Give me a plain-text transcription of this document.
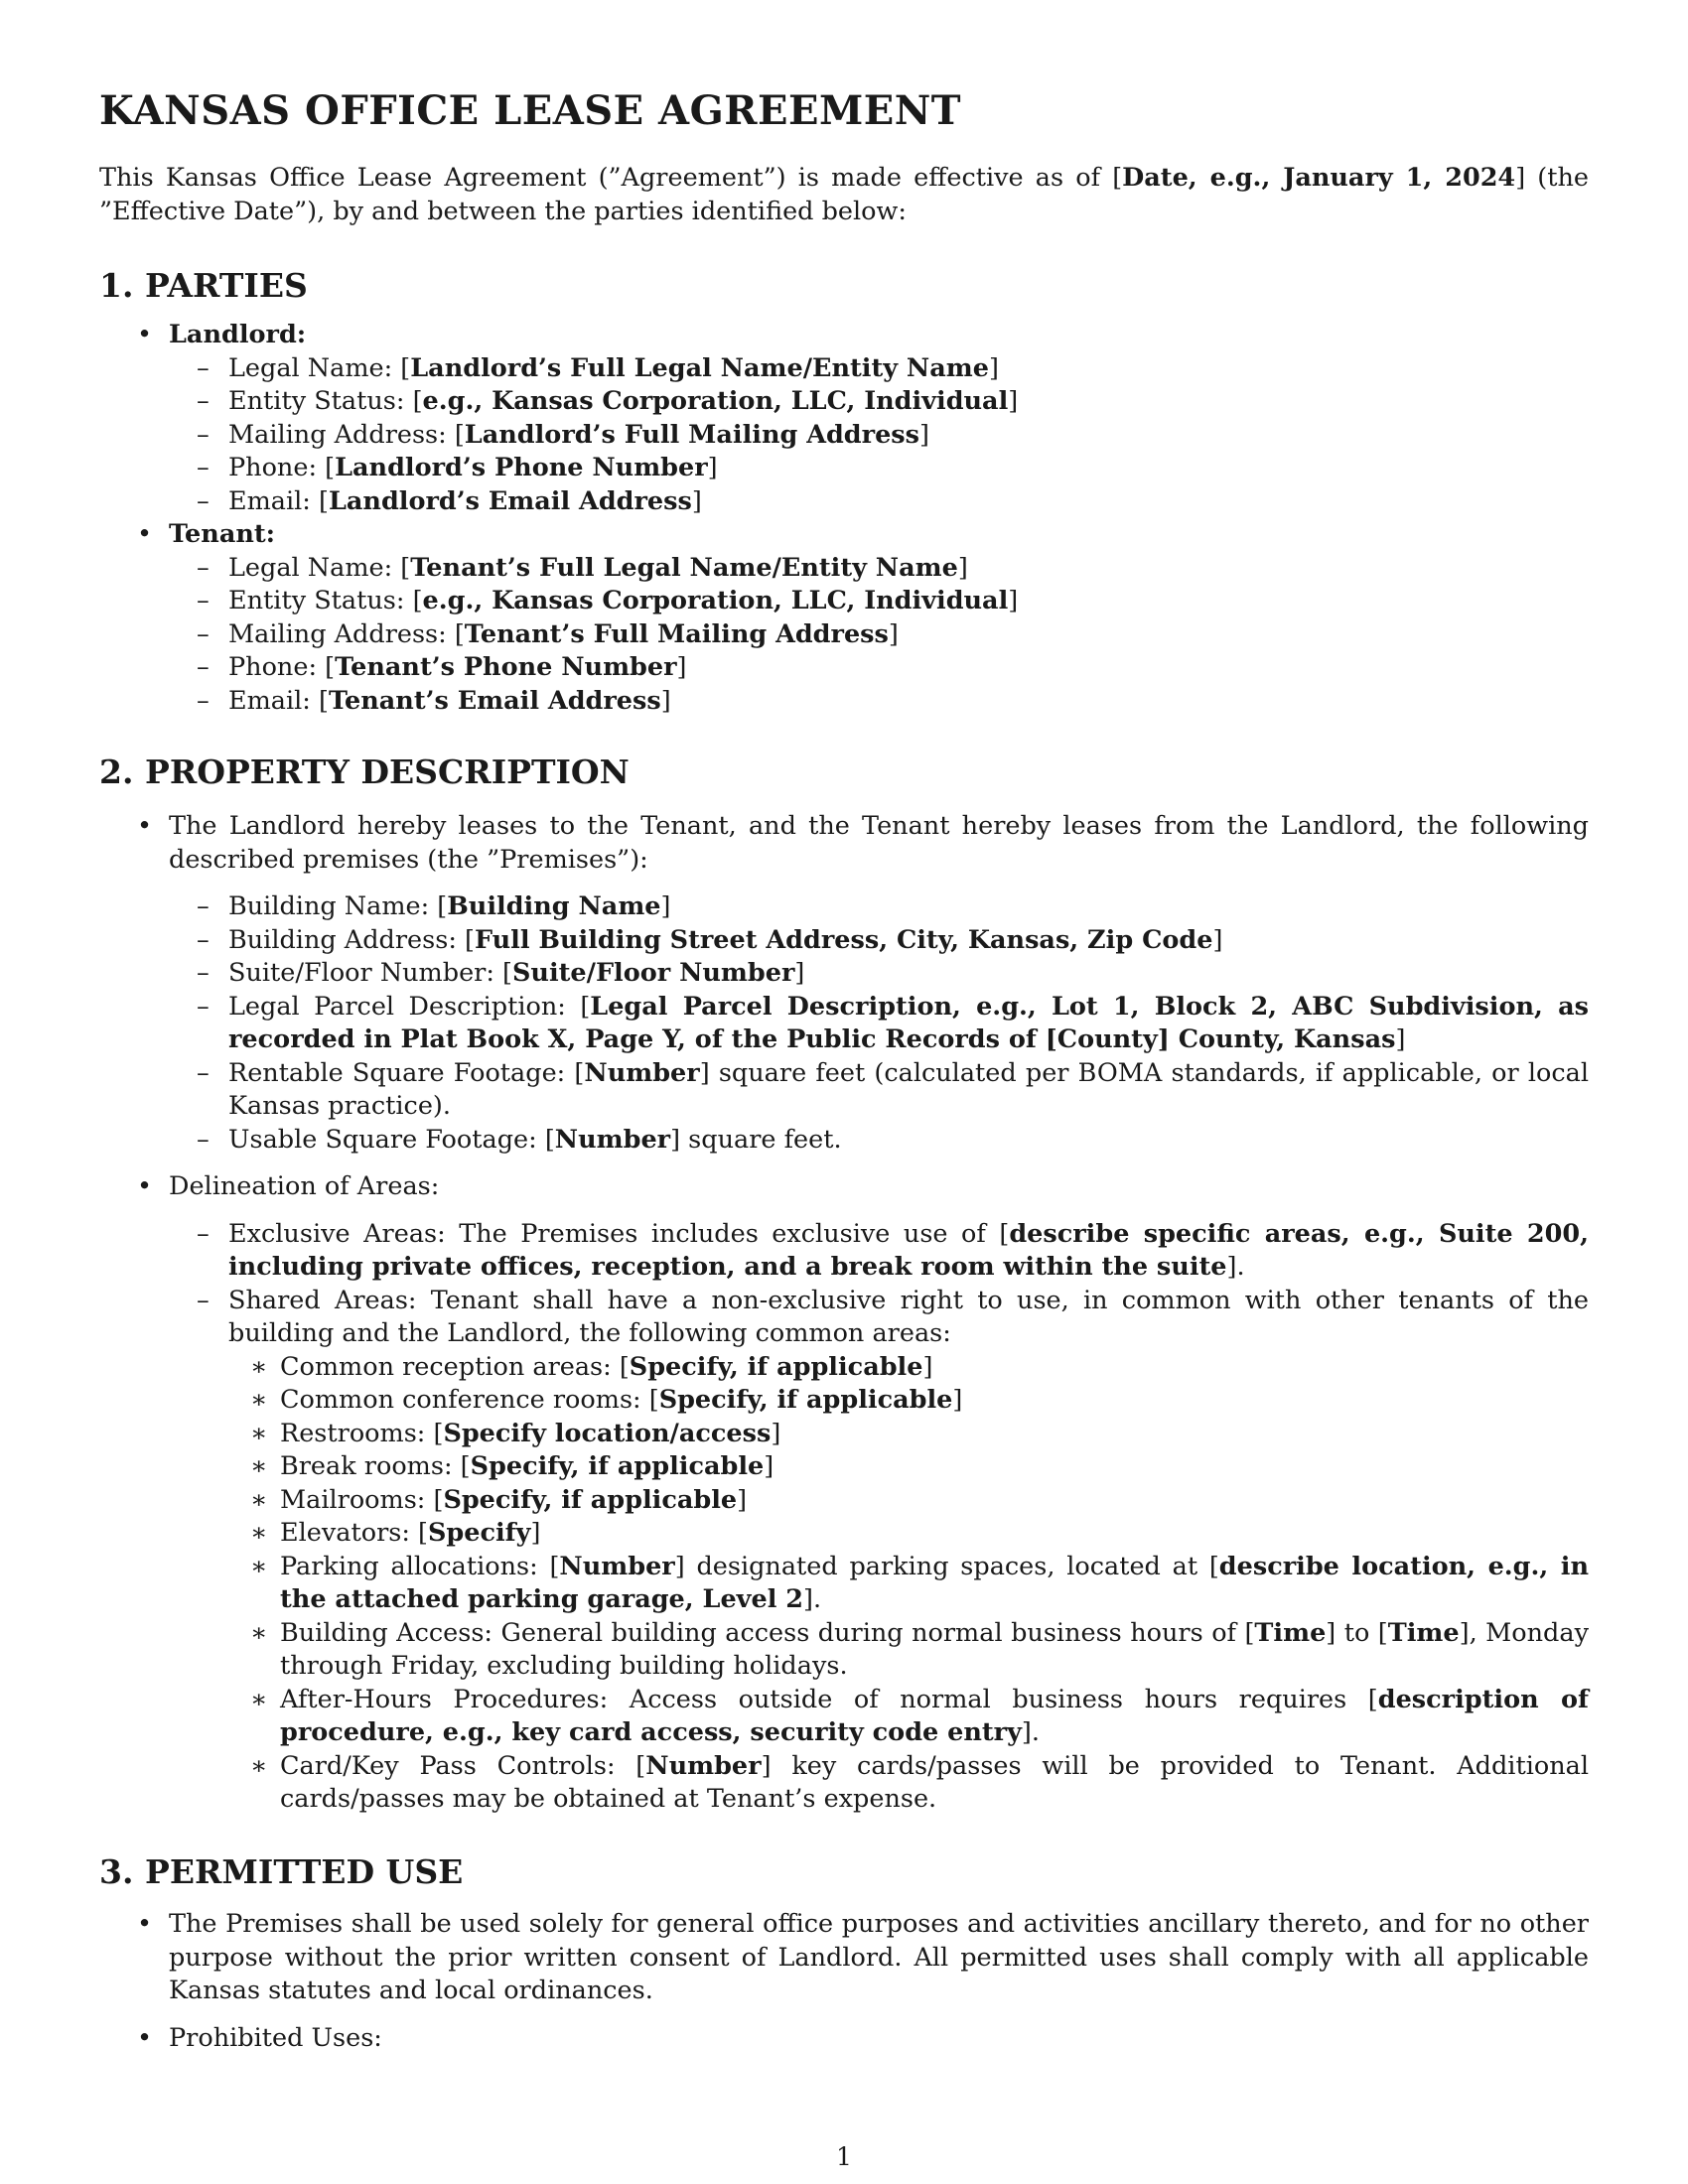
KANSAS OFFICE LEASE AGREEMENT

This Kansas Office Lease Agreement (”Agreement”) is made effective as of [Date, e.g., January 1, 2024] (the ”Effective Date”), by and between the parties identified below:

1. PARTIES
• Landlord:
– Legal Name: [Landlord’s Full Legal Name/Entity Name]
– Entity Status: [e.g., Kansas Corporation, LLC, Individual]
– Mailing Address: [Landlord’s Full Mailing Address]
– Phone: [Landlord’s Phone Number]
– Email: [Landlord’s Email Address]
• Tenant:
– Legal Name: [Tenant’s Full Legal Name/Entity Name]
– Entity Status: [e.g., Kansas Corporation, LLC, Individual]
– Mailing Address: [Tenant’s Full Mailing Address]
– Phone: [Tenant’s Phone Number]
– Email: [Tenant’s Email Address]
2. PROPERTY DESCRIPTION
• The Landlord hereby leases to the Tenant, and the Tenant hereby leases from the Landlord, the following described premises (the ”Premises”):
– Building Name: [Building Name]
– Building Address: [Full Building Street Address, City, Kansas, Zip Code]
– Suite/Floor Number: [Suite/Floor Number]
– Legal Parcel Description: [Legal Parcel Description, e.g., Lot 1, Block 2, ABC Subdivision, as recorded in Plat Book X, Page Y, of the Public Records of [County] County, Kansas]
– Rentable Square Footage: [Number] square feet (calculated per BOMA standards, if applicable, or local Kansas practice).
– Usable Square Footage: [Number] square feet.
• Delineation of Areas:
– Exclusive Areas: The Premises includes exclusive use of [describe specific areas, e.g., Suite 200, including private offices, reception, and a break room within the suite].
– Shared Areas: Tenant shall have a non-exclusive right to use, in common with other tenants of the building and the Landlord, the following common areas:
∗ Common reception areas: [Specify, if applicable]
∗ Common conference rooms: [Specify, if applicable]
∗ Restrooms: [Specify location/access]
∗ Break rooms: [Specify, if applicable]
∗ Mailrooms: [Specify, if applicable]
∗ Elevators: [Specify]
∗ Parking allocations: [Number] designated parking spaces, located at [describe location, e.g., in the attached parking garage, Level 2].
∗ Building Access: General building access during normal business hours of [Time] to [Time], Monday through Friday, excluding building holidays.
∗ After-Hours Procedures: Access outside of normal business hours requires [description of procedure, e.g., key card access, security code entry].
∗ Card/Key Pass Controls: [Number] key cards/passes will be provided to Tenant. Additional cards/passes may be obtained at Tenant’s expense.
3. PERMITTED USE
• The Premises shall be used solely for general office purposes and activities ancillary thereto, and for no other purpose without the prior written consent of Landlord. All permitted uses shall comply with all applicable Kansas statutes and local ordinances.
• Prohibited Uses:
1
